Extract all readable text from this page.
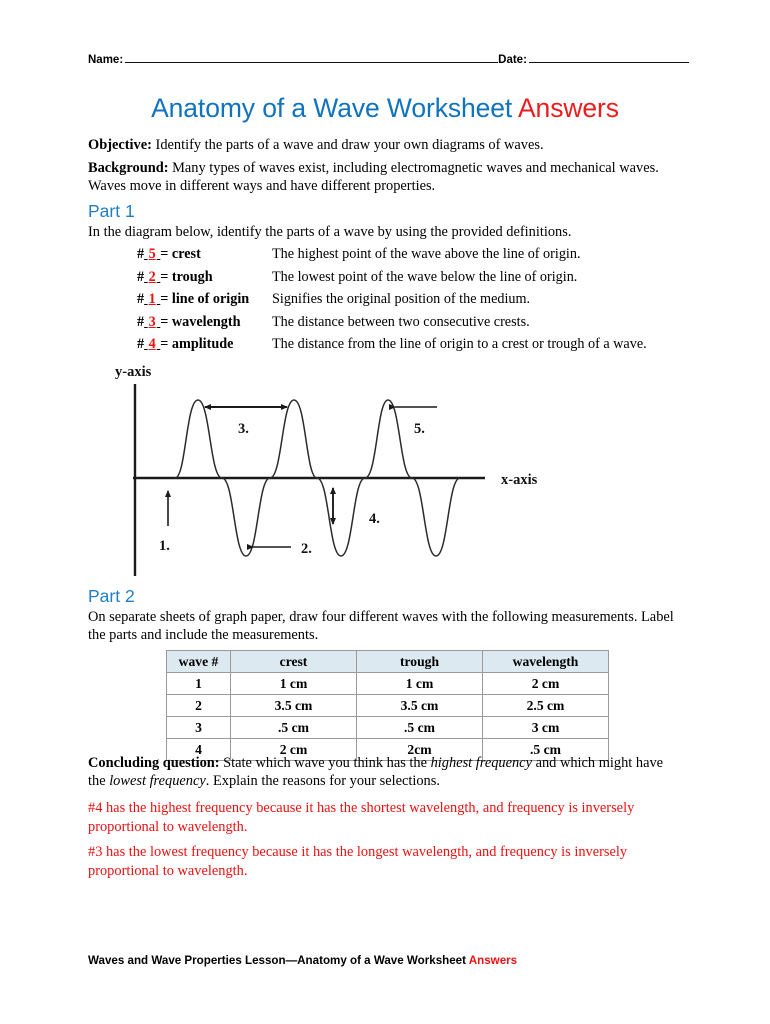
Name:	Date:
Anatomy of a Wave Worksheet Answers
Objective: Identify the parts of a wave and draw your own diagrams of waves.
Background: Many types of waves exist, including electromagnetic waves and mechanical waves. Waves move in different ways and have different properties.
Part 1
In the diagram below, identify the parts of a wave by using the provided definitions.
# 5 = crest	The highest point of the wave above the line of origin.
# 2 = trough	The lowest point of the wave below the line of origin.
# 1 = line of origin	Signifies the original position of the medium.
# 3 = wavelength	The distance between two consecutive crests.
# 4 = amplitude	The distance from the line of origin to a crest or trough of a wave.
y-axis
x-axis
3.	5.
1.	2.
4.
Part 2
On separate sheets of graph paper, draw four different waves with the following measurements. Label the parts and include the measurements.
wave #	crest	trough	wavelength
1	1 cm	1 cm	2 cm
2	3.5 cm	3.5 cm	2.5 cm
3	.5 cm	.5 cm	3 cm
4	2 cm	2cm	.5 cm
Concluding question: State which wave you think has the highest frequency and which might have the lowest frequency. Explain the reasons for your selections.
#4 has the highest frequency because it has the shortest wavelength, and frequency is inversely proportional to wavelength.
#3 has the lowest frequency because it has the longest wavelength, and frequency is inversely proportional to wavelength.
Waves and Wave Properties Lesson—Anatomy of a Wave Worksheet Answers
